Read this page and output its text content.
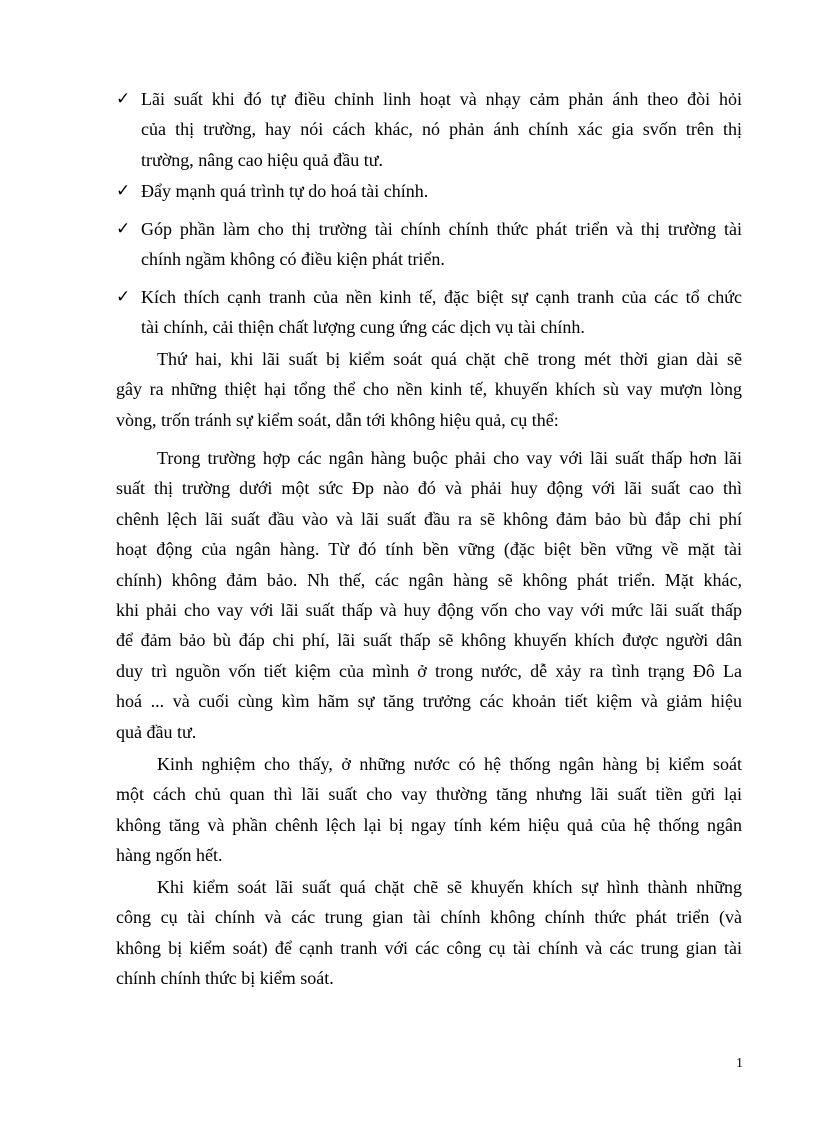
✓ Lãi suất khi đó tự điều chỉnh linh hoạt và nhạy cảm phản ánh theo đòi hỏi
của thị trường, hay nói cách khác, nó phản ánh chính xác gia svốn trên thị
trường, nâng cao hiệu quả đầu tư.
✓ Đẩy mạnh quá trình tự do hoá tài chính.
✓ Góp phần làm cho thị trường tài chính chính thức phát triển và thị trường tài
chính ngầm không có điều kiện phát triển.
✓ Kích thích cạnh tranh của nền kinh tế, đặc biệt sự cạnh tranh của các tổ chức
tài chính, cải thiện chất lượng cung ứng các dịch vụ tài chính.
Thứ hai, khi lãi suất bị kiểm soát quá chặt chẽ trong mét thời gian dài sẽ
gây ra những thiệt hại tổng thể cho nền kinh tế, khuyến khích sù vay mượn lòng
vòng, trốn tránh sự kiểm soát, dẫn tới không hiệu quả, cụ thể:
Trong trường hợp các ngân hàng buộc phải cho vay với lãi suất thấp hơn lãi
suất thị trường dưới một sức Đp nào đó và phải huy động với lãi suất cao thì
chênh lệch lãi suất đầu vào và lãi suất đầu ra sẽ không đảm bảo bù đắp chi phí
hoạt động của ngân hàng. Từ đó tính bền vững (đặc biệt bền vững về mặt tài
chính) không đảm bảo. Nh thế, các ngân hàng sẽ không phát triển. Mặt khác,
khi phải cho vay với lãi suất thấp và huy động vốn cho vay với mức lãi suất thấp
để đảm bảo bù đáp chi phí, lãi suất thấp sẽ không khuyến khích được người dân
duy trì nguồn vốn tiết kiệm của mình ở trong nước, dễ xảy ra tình trạng Đô La
hoá ... và cuối cùng kìm hãm sự tăng trưởng các khoản tiết kiệm và giảm hiệu
quả đầu tư.
Kinh nghiệm cho thấy, ở những nước có hệ thống ngân hàng bị kiểm soát
một cách chủ quan thì lãi suất cho vay thường tăng nhưng lãi suất tiền gửi lại
không tăng và phần chênh lệch lại bị ngay tính kém hiệu quả của hệ thống ngân
hàng ngốn hết.
Khi kiểm soát lãi suất quá chặt chẽ sẽ khuyến khích sự hình thành những
công cụ tài chính và các trung gian tài chính không chính thức phát triển (và
không bị kiểm soát) để cạnh tranh với các công cụ tài chính và các trung gian tài
chính chính thức bị kiểm soát.
1
